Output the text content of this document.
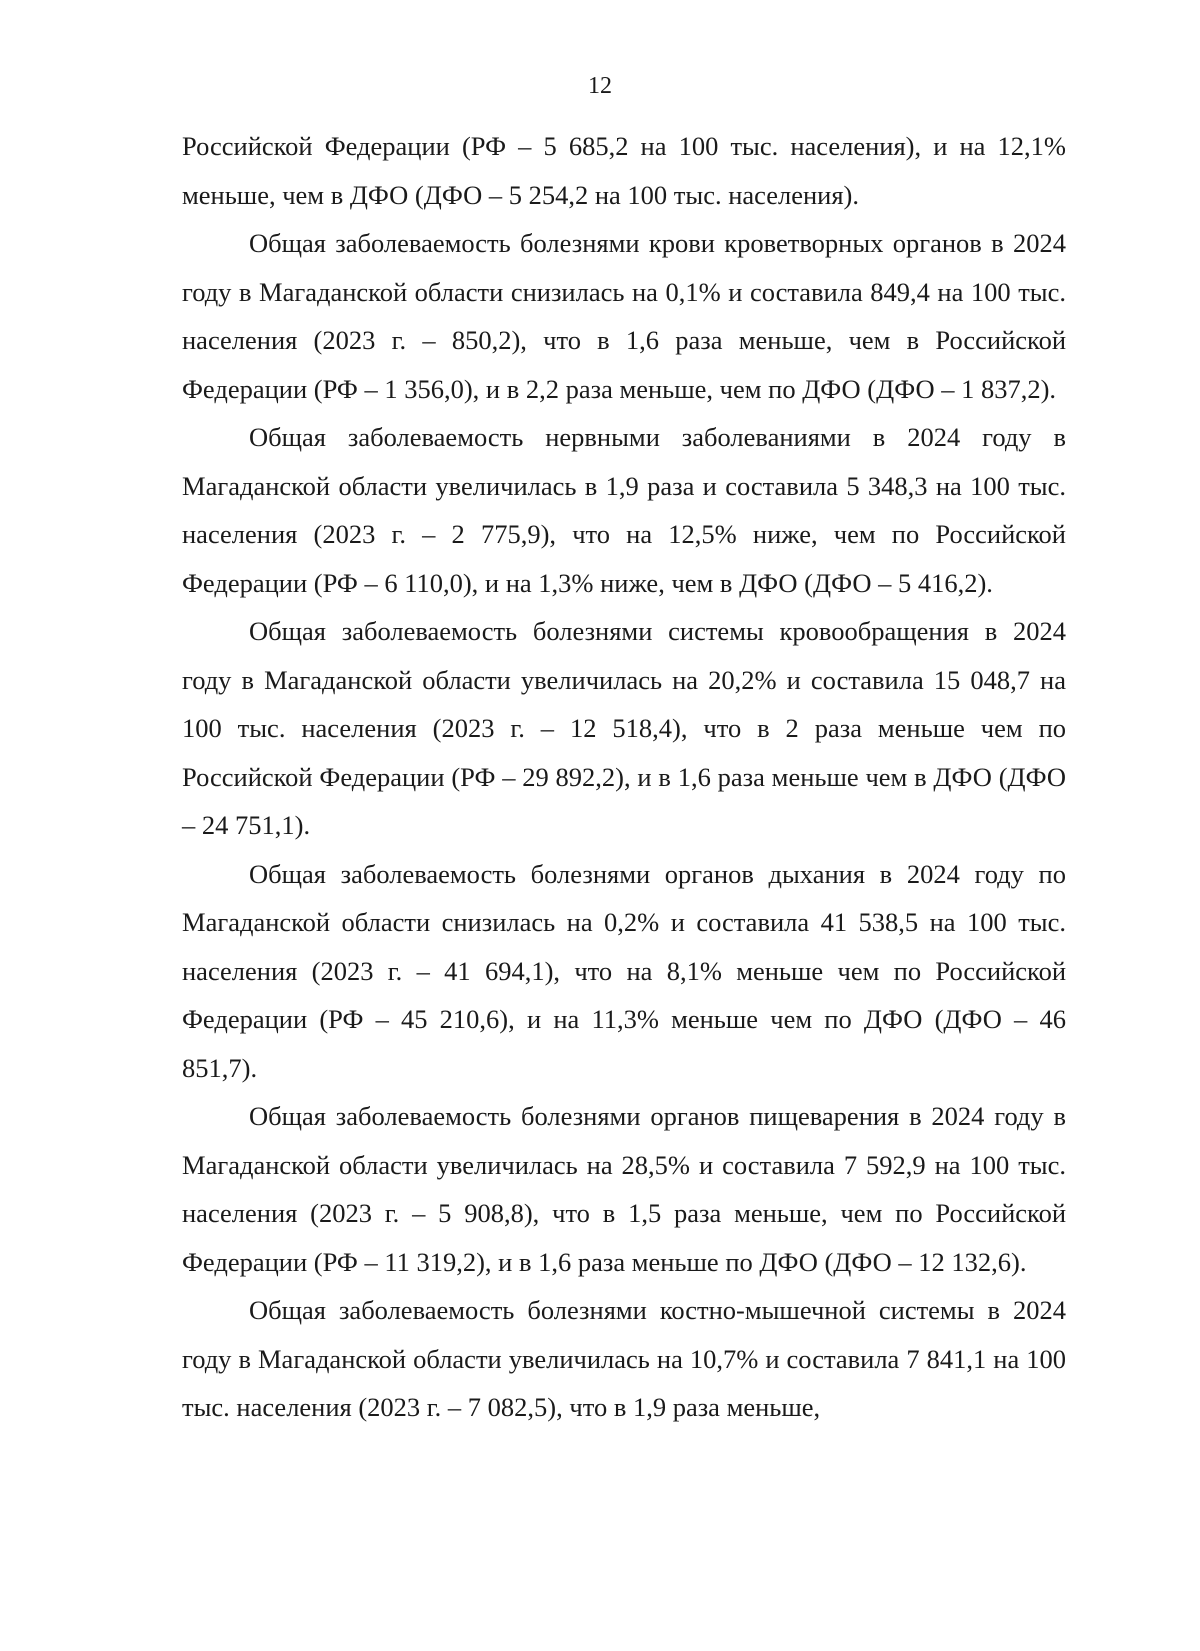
12

Российской Федерации (РФ – 5 685,2 на 100 тыс. населения), и на 12,1% меньше, чем в ДФО (ДФО – 5 254,2 на 100 тыс. населения).

Общая заболеваемость болезнями крови кроветворных органов в 2024 году в Магаданской области снизилась на 0,1% и составила 849,4 на 100 тыс. населения (2023 г. – 850,2), что в 1,6 раза меньше, чем в Российской Федерации (РФ – 1 356,0), и в 2,2 раза меньше, чем по ДФО (ДФО – 1 837,2).

Общая заболеваемость нервными заболеваниями в 2024 году в Магаданской области увеличилась в 1,9 раза и составила 5 348,3 на 100 тыс. населения (2023 г. – 2 775,9), что на 12,5% ниже, чем по Российской Федерации (РФ – 6 110,0), и на 1,3% ниже, чем в ДФО (ДФО – 5 416,2).

Общая заболеваемость болезнями системы кровообращения в 2024 году в Магаданской области увеличилась на 20,2% и составила 15 048,7 на 100 тыс. населения (2023 г. – 12 518,4), что в 2 раза меньше чем по Российской Федерации (РФ – 29 892,2), и в 1,6 раза меньше чем в ДФО (ДФО – 24 751,1).

Общая заболеваемость болезнями органов дыхания в 2024 году по Магаданской области снизилась на 0,2% и составила 41 538,5 на 100 тыс. населения (2023 г. – 41 694,1), что на 8,1% меньше чем по Российской Федерации (РФ – 45 210,6), и на 11,3% меньше чем по ДФО (ДФО – 46 851,7).

Общая заболеваемость болезнями органов пищеварения в 2024 году в Магаданской области увеличилась на 28,5% и составила 7 592,9 на 100 тыс. населения (2023 г. – 5 908,8), что в 1,5 раза меньше, чем по Российской Федерации (РФ – 11 319,2), и в 1,6 раза меньше по ДФО (ДФО – 12 132,6).

Общая заболеваемость болезнями костно-мышечной системы в 2024 году в Магаданской области увеличилась на 10,7% и составила 7 841,1 на 100 тыс. населения (2023 г. – 7 082,5), что в 1,9 раза меньше,
